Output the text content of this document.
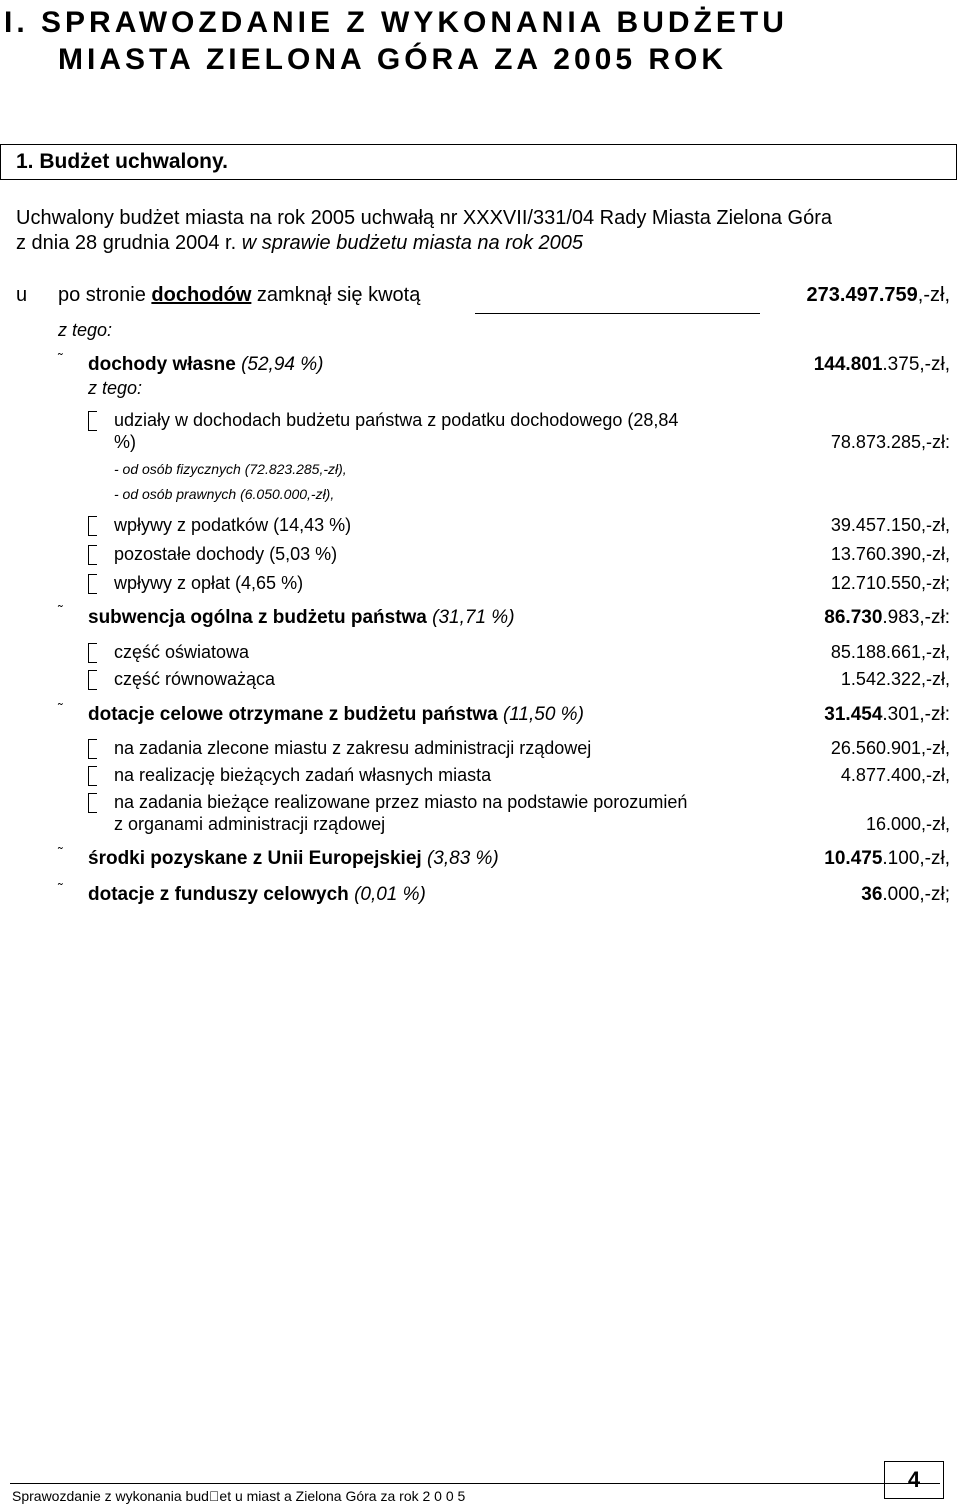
I. SPRAWOZDANIE Z WYKONANIA BUDŻETU
MIASTA ZIELONA GÓRA ZA 2005 ROK
1. Budżet uchwalony.
Uchwalony budżet miasta na rok 2005 uchwałą nr XXXVII/331/04 Rady Miasta Zielona Góra
z dnia 28 grudnia 2004 r. w sprawie budżetu miasta na rok 2005
u po stronie dochodów zamknął się kwotą	273.497.759,-zł,
z tego:
˜ dochody własne (52,94 %)	144.801.375,-zł,
z tego:
udziały w dochodach budżetu państwa z podatku dochodowego (28,84
%)	78.873.285,-zł:
- od osób fizycznych (72.823.285,-zł),
- od osób prawnych (6.050.000,-zł),
wpływy z podatków (14,43 %)	39.457.150,-zł,
pozostałe dochody (5,03 %)	13.760.390,-zł,
wpływy z opłat (4,65 %)	12.710.550,-zł;
˜ subwencja ogólna z budżetu państwa (31,71 %)	86.730.983,-zł:
część oświatowa	85.188.661,-zł,
część równoważąca	1.542.322,-zł,
˜ dotacje celowe otrzymane z budżetu państwa (11,50 %)	31.454.301,-zł:
na zadania zlecone miastu z zakresu administracji rządowej	26.560.901,-zł,
na realizację bieżących zadań własnych miasta	4.877.400,-zł,
na zadania bieżące realizowane przez miasto na podstawie porozumień
z organami administracji rządowej	16.000,-zł,
˜ środki pozyskane z Unii Europejskiej (3,83 %)	10.475.100,-zł,
˜ dotacje z funduszy celowych (0,01 %)	36.000,-zł;
Sprawozdanie z wykonania bud et u miast a Zielona Góra za rok 2 0 0 5
4
